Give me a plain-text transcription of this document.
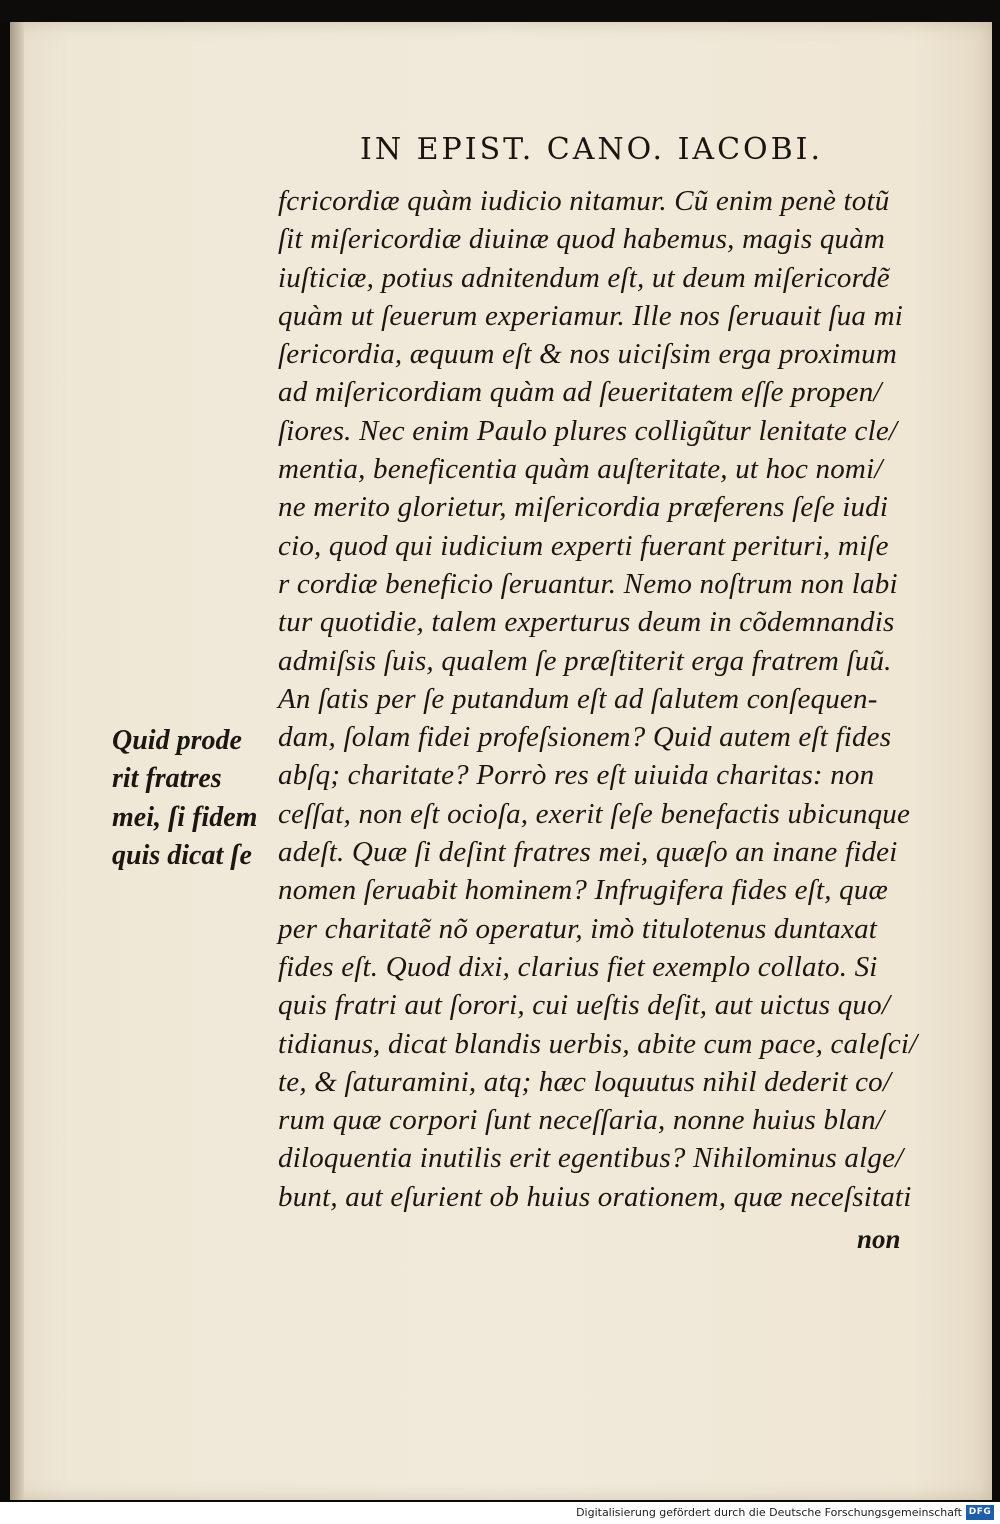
IN EPIST. CANO. IACOBI.
fcricordiæ quàm iudicio nitamur. Cũ enim penè totũ
ſit miſericordiæ diuinæ quod habemus, magis quàm
iuſticiæ, potius adnitendum eſt, ut deum miſericordẽ
quàm ut ſeuerum experiamur. Ille nos ſeruauit ſua mi
ſericordia, æquum eſt & nos uiciſsim erga proximum
ad miſericordiam quàm ad ſeueritatem eſſe propen/
ſiores. Nec enim Paulo plures colligũtur lenitate cle/
mentia, beneficentia quàm auſteritate, ut hoc nomi/
ne merito glorietur, miſericordia præferens ſeſe iudi
cio, quod qui iudicium experti fuerant perituri, miſe
r cordiæ beneficio ſeruantur. Nemo noſtrum non labi
tur quotidie, talem experturus deum in cõdemnandis
admiſsis ſuis, qualem ſe præſtiterit erga fratrem ſuũ.
An ſatis per ſe putandum eſt ad ſalutem conſequen-
dam, ſolam fidei profeſsionem? Quid autem eſt fides
abſq; charitate? Porrò res eſt uiuida charitas: non
ceſſat, non eſt ocioſa, exerit ſeſe benefactis ubicunque
adeſt. Quæ ſi deſint fratres mei, quæſo an inane fidei
nomen ſeruabit hominem? Infrugifera fides eſt, quæ
per charitatẽ nõ operatur, imò titulotenus duntaxat
fides eſt. Quod dixi, clarius fiet exemplo collato. Si
quis fratri aut ſorori, cui ueſtis deſit, aut uictus quo/
tidianus, dicat blandis uerbis, abite cum pace, caleſci/
te, & ſaturamini, atq; hæc loquutus nihil dederit co/
rum quæ corpori ſunt neceſſaria, nonne huius blan/
diloquentia inutilis erit egentibus? Nihilominus alge/
bunt, aut eſurient ob huius orationem, quæ neceſsitati
non
Quid prode
rit fratres
mei, ſi fidem
quis dicat ſe
Digitalisierung gefördert durch die Deutsche Forschungsgemeinschaft DFG
